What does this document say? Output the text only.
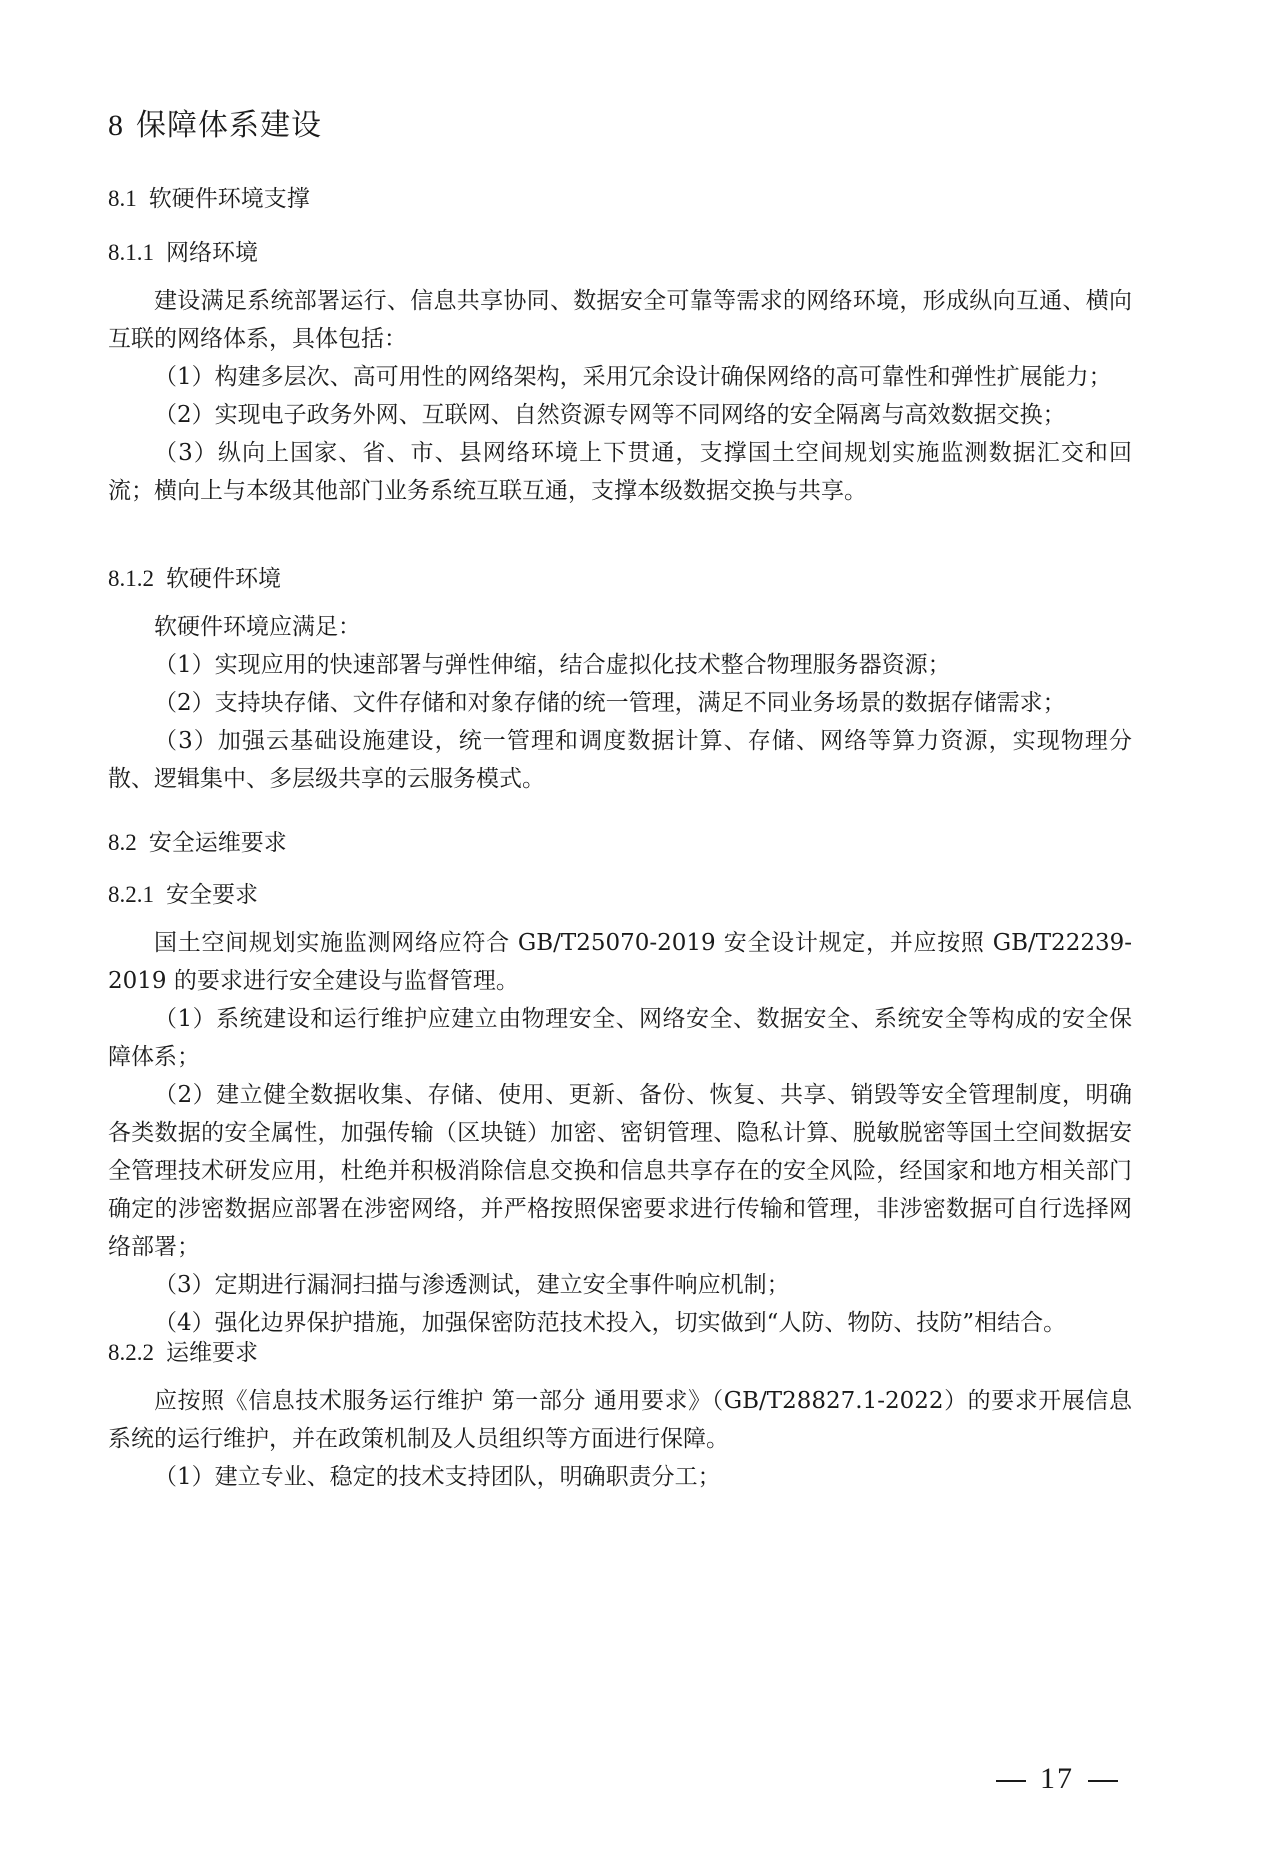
8 保障体系建设
8.1 软硬件环境支撑
8.1.1 网络环境

建设满足系统部署运行、信息共享协同、数据安全可靠等需求的网络环境，形成纵向互通、横向互联的网络体系，具体包括：

（1）构建多层次、高可用性的网络架构，采用冗余设计确保网络的高可靠性和弹性扩展能力；

（2）实现电子政务外网、互联网、自然资源专网等不同网络的安全隔离与高效数据交换；

（3）纵向上国家、省、市、县网络环境上下贯通，支撑国土空间规划实施监测数据汇交和回流；横向上与本级其他部门业务系统互联互通，支撑本级数据交换与共享。

8.1.2 软硬件环境

软硬件环境应满足：

（1）实现应用的快速部署与弹性伸缩，结合虚拟化技术整合物理服务器资源；

（2）支持块存储、文件存储和对象存储的统一管理，满足不同业务场景的数据存储需求；

（3）加强云基础设施建设，统一管理和调度数据计算、存储、网络等算力资源，实现物理分散、逻辑集中、多层级共享的云服务模式。

8.2 安全运维要求
8.2.1 安全要求

国土空间规划实施监测网络应符合 GB/T25070-2019 安全设计规定，并应按照 GB/T22239-2019 的要求进行安全建设与监督管理。

（1）系统建设和运行维护应建立由物理安全、网络安全、数据安全、系统安全等构成的安全保障体系；

（2）建立健全数据收集、存储、使用、更新、备份、恢复、共享、销毁等安全管理制度，明确各类数据的安全属性，加强传输（区块链）加密、密钥管理、隐私计算、脱敏脱密等国土空间数据安全管理技术研发应用，杜绝并积极消除信息交换和信息共享存在的安全风险，经国家和地方相关部门确定的涉密数据应部署在涉密网络，并严格按照保密要求进行传输和管理，非涉密数据可自行选择网络部署；

（3）定期进行漏洞扫描与渗透测试，建立安全事件响应机制；

（4）强化边界保护措施，加强保密防范技术投入，切实做到“人防、物防、技防”相结合。

8.2.2 运维要求

应按照《信息技术服务运行维护 第一部分 通用要求》（GB/T28827.1-2022）的要求开展信息系统的运行维护，并在政策机制及人员组织等方面进行保障。

（1）建立专业、稳定的技术支持团队，明确职责分工；

17
